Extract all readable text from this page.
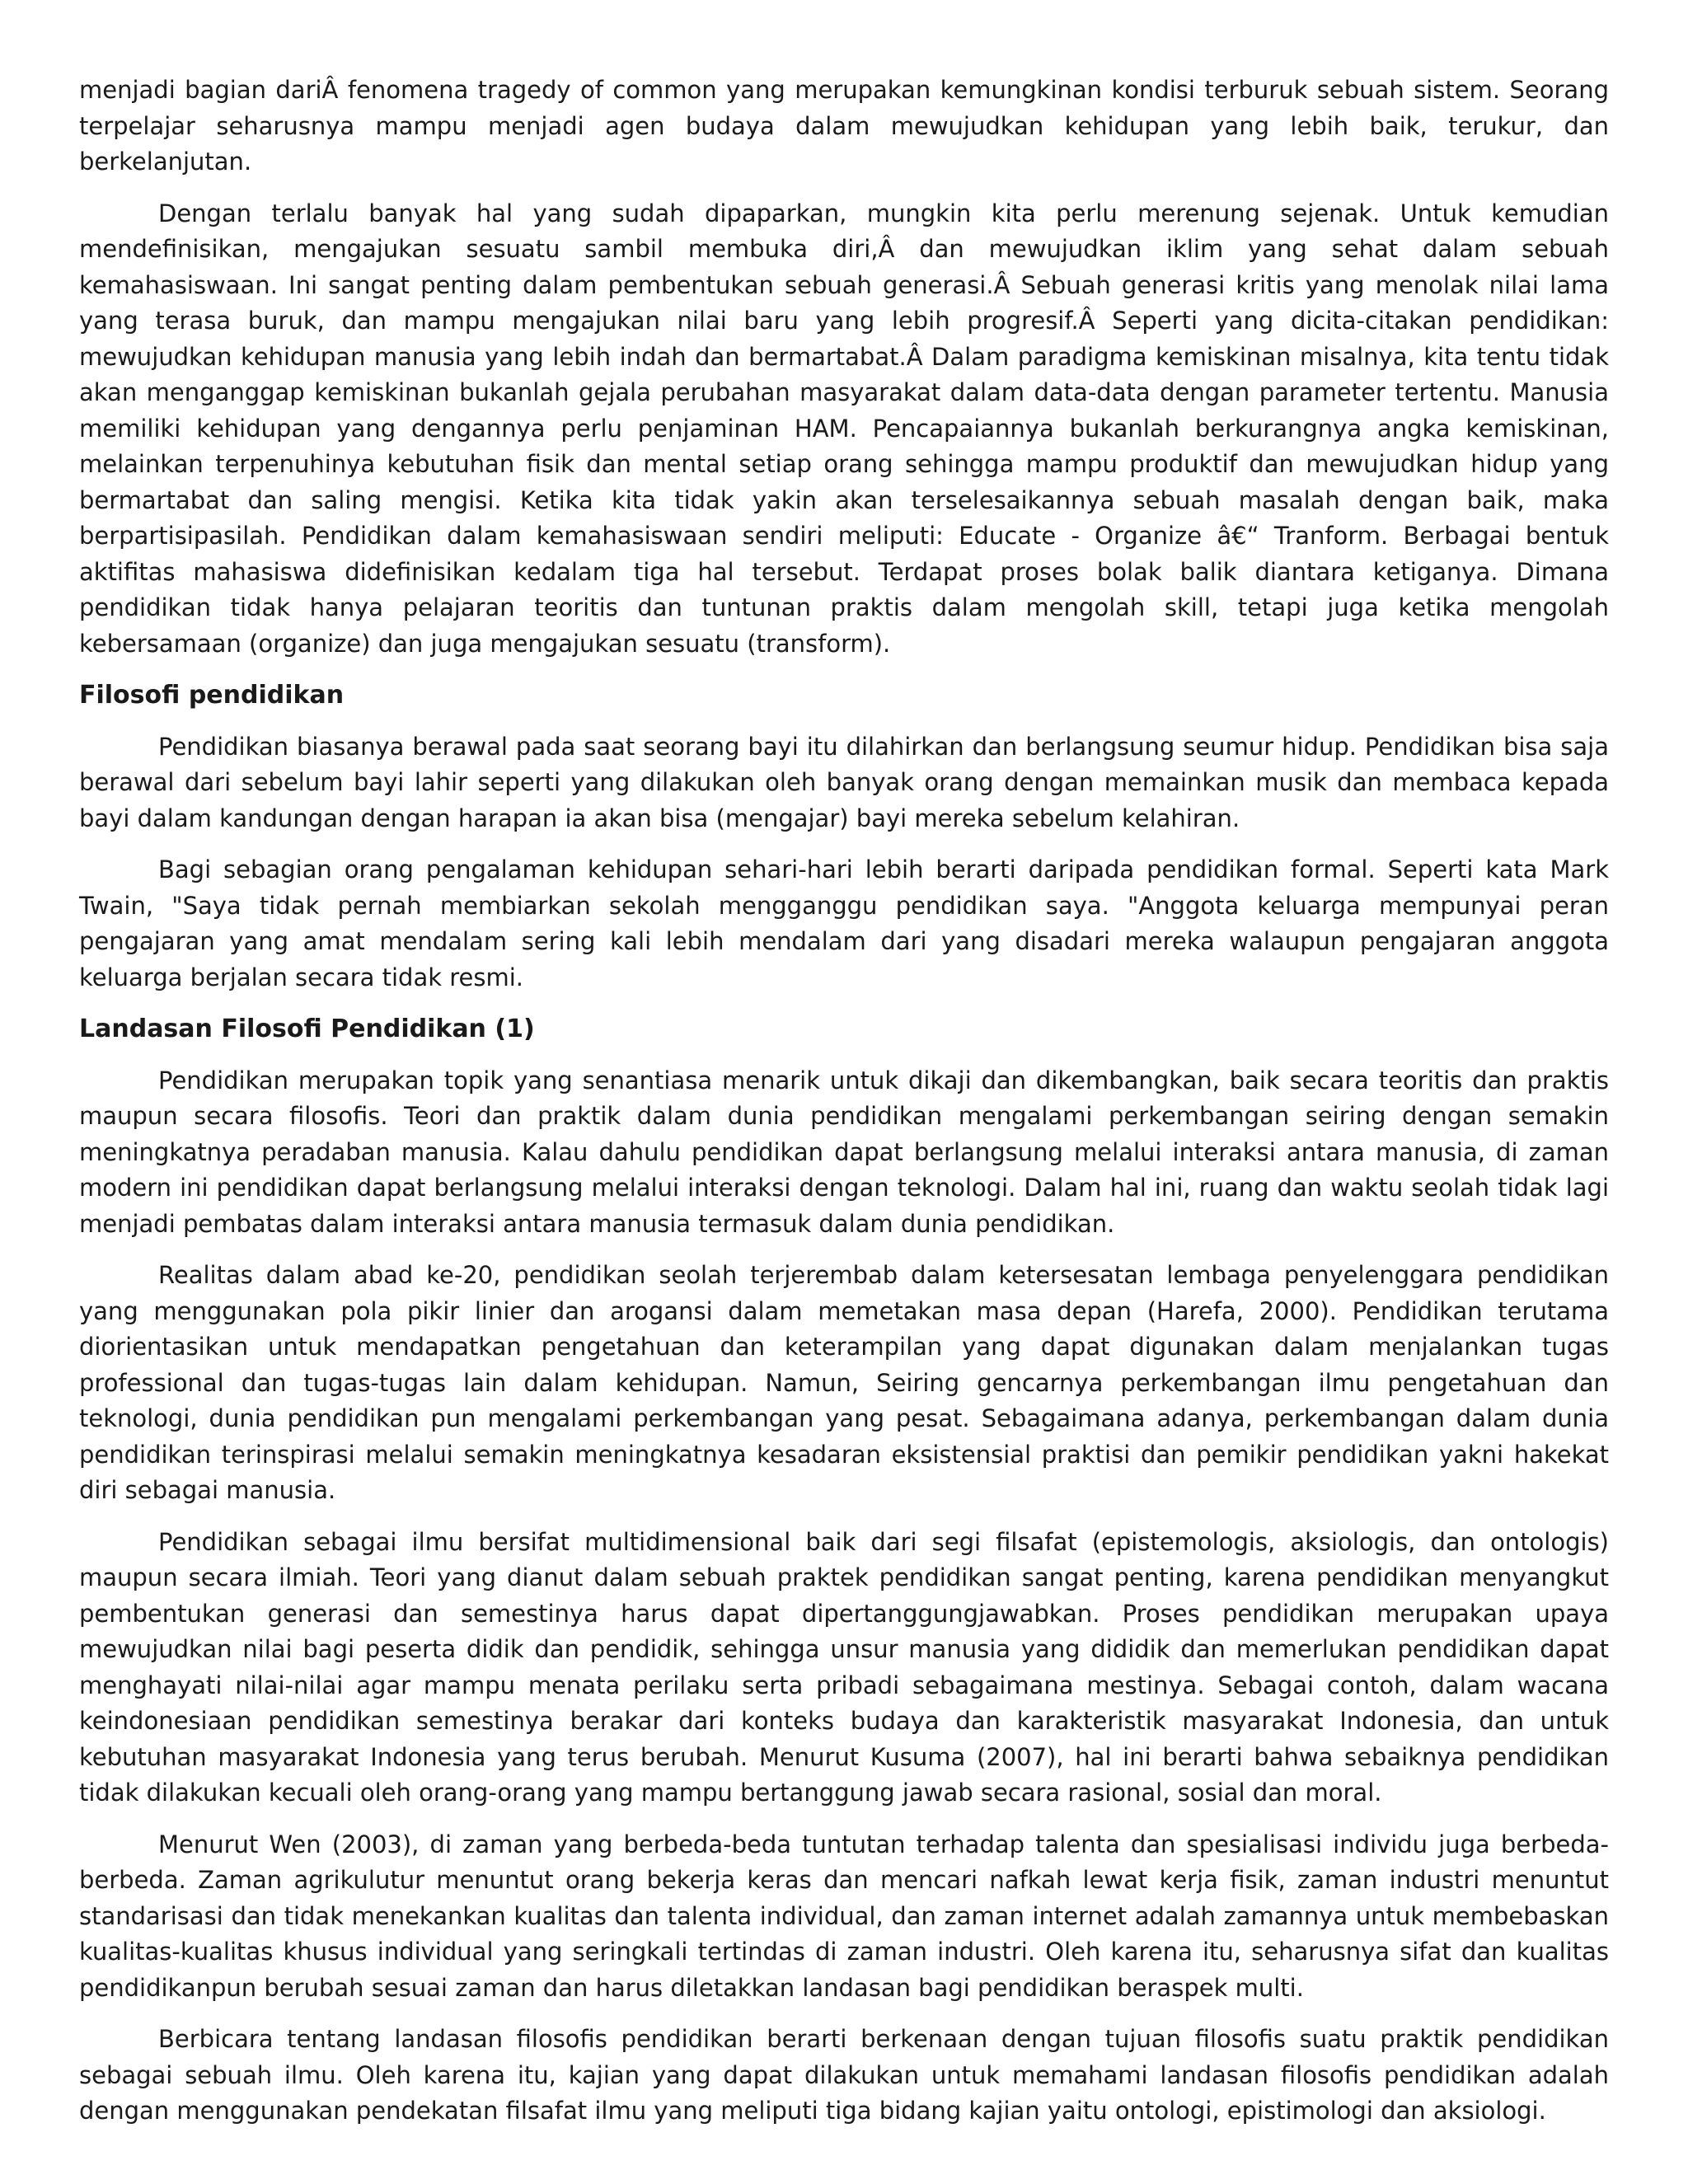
menjadi bagian dariÂ fenomena tragedy of common yang merupakan kemungkinan kondisi terburuk sebuah sistem. Seorang terpelajar seharusnya mampu menjadi agen budaya dalam mewujudkan kehidupan yang lebih baik, terukur, dan berkelanjutan.

Dengan terlalu banyak hal yang sudah dipaparkan, mungkin kita perlu merenung sejenak. Untuk kemudian mendefinisikan, mengajukan sesuatu sambil membuka diri,Â dan mewujudkan iklim yang sehat dalam sebuah kemahasiswaan. Ini sangat penting dalam pembentukan sebuah generasi.Â Sebuah generasi kritis yang menolak nilai lama yang terasa buruk, dan mampu mengajukan nilai baru yang lebih progresif.Â Seperti yang dicita-citakan pendidikan: mewujudkan kehidupan manusia yang lebih indah dan bermartabat.Â Dalam paradigma kemiskinan misalnya, kita tentu tidak akan menganggap kemiskinan bukanlah gejala perubahan masyarakat dalam data-data dengan parameter tertentu. Manusia memiliki kehidupan yang dengannya perlu penjaminan HAM. Pencapaiannya bukanlah berkurangnya angka kemiskinan, melainkan terpenuhinya kebutuhan fisik dan mental setiap orang sehingga mampu produktif dan mewujudkan hidup yang bermartabat dan saling mengisi. Ketika kita tidak yakin akan terselesaikannya sebuah masalah dengan baik, maka berpartisipasilah. Pendidikan dalam kemahasiswaan sendiri meliputi: Educate - Organize â€“ Tranform. Berbagai bentuk aktifitas mahasiswa didefinisikan kedalam tiga hal tersebut. Terdapat proses bolak balik diantara ketiganya. Dimana pendidikan tidak hanya pelajaran teoritis dan tuntunan praktis dalam mengolah skill, tetapi juga ketika mengolah kebersamaan (organize) dan juga mengajukan sesuatu (transform).

Filosofi pendidikan

Pendidikan biasanya berawal pada saat seorang bayi itu dilahirkan dan berlangsung seumur hidup. Pendidikan bisa saja berawal dari sebelum bayi lahir seperti yang dilakukan oleh banyak orang dengan memainkan musik dan membaca kepada bayi dalam kandungan dengan harapan ia akan bisa (mengajar) bayi mereka sebelum kelahiran.

Bagi sebagian orang pengalaman kehidupan sehari-hari lebih berarti daripada pendidikan formal. Seperti kata Mark Twain, "Saya tidak pernah membiarkan sekolah mengganggu pendidikan saya. "Anggota keluarga mempunyai peran pengajaran yang amat mendalam sering kali lebih mendalam dari yang disadari mereka walaupun pengajaran anggota keluarga berjalan secara tidak resmi.

Landasan Filosofi Pendidikan (1)

Pendidikan merupakan topik yang senantiasa menarik untuk dikaji dan dikembangkan, baik secara teoritis dan praktis maupun secara filosofis. Teori dan praktik dalam dunia pendidikan mengalami perkembangan seiring dengan semakin meningkatnya peradaban manusia. Kalau dahulu pendidikan dapat berlangsung melalui interaksi antara manusia, di zaman modern ini pendidikan dapat berlangsung melalui interaksi dengan teknologi. Dalam hal ini, ruang dan waktu seolah tidak lagi menjadi pembatas dalam interaksi antara manusia termasuk dalam dunia pendidikan.

Realitas dalam abad ke-20, pendidikan seolah terjerembab dalam ketersesatan lembaga penyelenggara pendidikan yang menggunakan pola pikir linier dan arogansi dalam memetakan masa depan (Harefa, 2000). Pendidikan terutama diorientasikan untuk mendapatkan pengetahuan dan keterampilan yang dapat digunakan dalam menjalankan tugas professional dan tugas-tugas lain dalam kehidupan. Namun, Seiring gencarnya perkembangan ilmu pengetahuan dan teknologi, dunia pendidikan pun mengalami perkembangan yang pesat. Sebagaimana adanya, perkembangan dalam dunia pendidikan terinspirasi melalui semakin meningkatnya kesadaran eksistensial praktisi dan pemikir pendidikan yakni hakekat diri sebagai manusia.

Pendidikan sebagai ilmu bersifat multidimensional baik dari segi filsafat (epistemologis, aksiologis, dan ontologis) maupun secara ilmiah. Teori yang dianut dalam sebuah praktek pendidikan sangat penting, karena pendidikan menyangkut pembentukan generasi dan semestinya harus dapat dipertanggungjawabkan. Proses pendidikan merupakan upaya mewujudkan nilai bagi peserta didik dan pendidik, sehingga unsur manusia yang dididik dan memerlukan pendidikan dapat menghayati nilai-nilai agar mampu menata perilaku serta pribadi sebagaimana mestinya. Sebagai contoh, dalam wacana keindonesiaan pendidikan semestinya berakar dari konteks budaya dan karakteristik masyarakat Indonesia, dan untuk kebutuhan masyarakat Indonesia yang terus berubah. Menurut Kusuma (2007), hal ini berarti bahwa sebaiknya pendidikan tidak dilakukan kecuali oleh orang-orang yang mampu bertanggung jawab secara rasional, sosial dan moral.

Menurut Wen (2003), di zaman yang berbeda-beda tuntutan terhadap talenta dan spesialisasi individu juga berbeda-berbeda. Zaman agrikulutur menuntut orang bekerja keras dan mencari nafkah lewat kerja fisik, zaman industri menuntut standarisasi dan tidak menekankan kualitas dan talenta individual, dan zaman internet adalah zamannya untuk membebaskan kualitas-kualitas khusus individual yang seringkali tertindas di zaman industri. Oleh karena itu, seharusnya sifat dan kualitas pendidikanpun berubah sesuai zaman dan harus diletakkan landasan bagi pendidikan beraspek multi.

Berbicara tentang landasan filosofis pendidikan berarti berkenaan dengan tujuan filosofis suatu praktik pendidikan sebagai sebuah ilmu. Oleh karena itu, kajian yang dapat dilakukan untuk memahami landasan filosofis pendidikan adalah dengan menggunakan pendekatan filsafat ilmu yang meliputi tiga bidang kajian yaitu ontologi, epistimologi dan aksiologi.
